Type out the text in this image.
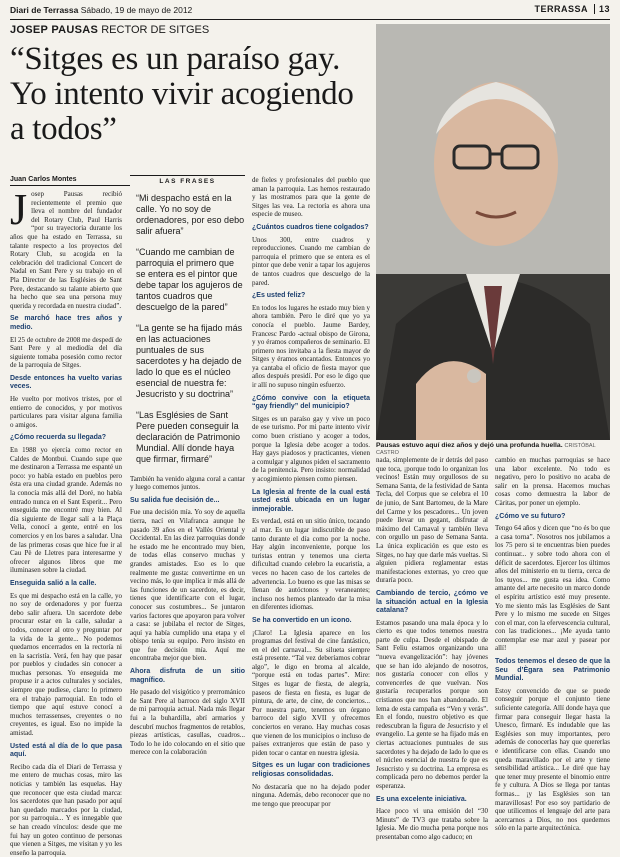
Diari de Terrassa Sábado, 19 de mayo de 2012	TERRASSA 13
JOSEP PAUSAS RECTOR DE SITGES
“Sitges es un paraíso gay. Yo intento vivir acogiendo a todos”
Pausas estuvo aquí diez años y dejó una profunda huella. CRISTÓBAL CASTRO
Juan Carlos Montes

Josep Pausas recibió recientemente el premio que lleva el nombre del fundador del Rotary Club, Paul Harris “por su trayectoria durante los años que ha estado en Terrassa, su talante respecto a los proyectos del Rotary Club, su acogida en la celebración del tradicional Concert de Nadal en Sant Pere y su trabajo en el Pla Director de las Esglésies de Sant Pere, destacando su talante abierto que ha hecho que sea una persona muy querida y recordada en nuestra ciudad”.

Se marchó hace tres años y medio.

El 25 de octubre de 2008 me despedí de Sant Pere y al mediodía del día siguiente tomaba posesión como rector de la parroquia de Sitges.

Desde entonces ha vuelto varias veces.

He vuelto por motivos tristes, por el entierro de conocidos, y por motivos particulares para visitar alguna familia o amigos.

¿Cómo recuerda su llegada?

En 1988 yo ejercía como rector en Caldes de Montbui. Cuando supe que me destinaron a Terrassa me espanté un poco: yo había estado en pueblos pero ésta era una ciudad grande. Además no la conocía más allá del Doré, no había entrado nunca en el Sant Esperit... Pero enseguida me encontré muy bien. Al día siguiente de llegar salí a la Plaça Vella, conocí a gente, entré en los comercios y en los bares a saludar. Una de las primeras cosas que hice fue ir al Cau Pè de Lletres para interesarme y ofrecer algunos libros que me iluminasen sobre la ciudad.

Enseguida salió a la calle.

Es que mi despacho está en la calle, yo no soy de ordenadores y por fuerza debo salir afuera. Un sacerdote debe procurar estar en la calle, saludar a todos, conocer al otro y preguntar por la vida de la gente... No podemos quedarnos encerrados en la rectoría ni en la sacristía. Verá, fen hay que pasar por pueblos y ciudades sin conocer a muchas personas. Yo enseguida me propuse ir a actos culturales y sociales, siempre que pudiese, claro: lo primero era el trabajo parroquial. En todo el tiempo que aquí estuve conocí a muchos terrassenses, creyentes o no creyentes, es igual. Eso no impide la amistad.

Usted está al día de lo que pasa aquí.

Recibo cada día el Diari de Terrassa y me entero de muchas cosas, miro las noticias y también las esquelas. Hay que reconocer que esta ciudad marca: los sacerdotes que han pasado por aquí han quedado marcados por la ciudad, por su parroquia... Y es innegable que se han creado vínculos: desde que me fui hay un goteo continuo de personas que vienen a Sitges, me visitan y yo les enseño la parroquia.

LAS FRASES

“ Mi despacho está en la calle. Yo no soy de ordenadores, por eso debo salir afuera ”

“ Cuando me cambian de parroquia el primero que se entera es el pintor que debe tapar los agujeros de tantos cuadros que descuelgo de la pared ”

“ La gente se ha fijado más en las actuaciones puntuales de sus sacerdotes y ha dejado de lado lo que es el núcleo esencial de nuestra fe: Jesucristo y su doctrina ”

“ Las Esglésies de Sant Pere pueden conseguir la declaración de Patrimonio Mundial. Allí donde haya que firmar, firmaré ”

También ha venido alguna coral a cantar y luego comemos juntos.

Su salida fue decisión de...

Fue una decisión mía. Yo soy de aquella tierra, nací en Vilafranca aunque he pasado 39 años en el Vallès Oriental y Occidental. En las diez parroquias donde he estado me he encontrado muy bien, de todas ellas conservo muchas y grandes amistades. Eso es lo que realmente me gusta: convertirme en un vecino más, lo que implica ir más allá de las funciones de un sacerdote, es decir, tienes que identificarte con el lugar, conocer sus costumbres... Se juntaron varios factores que apoyaron para volver a casa: se jubilaba el rector de Sitges, aquí ya había cumplido una etapa y el obispo tenía su equipo. Pero insisto en que fue decisión mía. Aquí me encontraba mejor que bien.

Ahora disfruta de un sitio magnífico.

He pasado del visigótico y prerrománico de Sant Pere al barroco del siglo XVII de mi parroquia actual. Nada más llegar fui a la buhardilla, abrí armarios y descubrí muchos fragmentos de retablos, piezas artísticas, casullas, cuadros... Todo lo he ido colocando en el sitio que merece con la colaboración

de fieles y profesionales del pueblo que aman la parroquia. Las hemos restaurado y las mostramos para que la gente de Sitges las vea. La rectoría es ahora una especie de museo.

¿Cuántos cuadros tiene colgados?

Unos 300, entre cuadros y reproducciones. Cuando me cambian de parroquia el primero que se entera es el pintor que debe venir a tapar los agujeros de tantos cuadros que descuelgo de la pared.

¿Es usted feliz?

En todos los lugares he estado muy bien y ahora también. Pero le diré que yo ya conocía el pueblo. Jaume Bardey, Francesc Pardo -actual obispo de Girona, y yo éramos compañeros de seminario. El primero nos invitaba a la fiesta mayor de Sitges y éramos encantados. Entonces yo ya cantaba el oficio de fiesta mayor que años después presidí. Por eso le digo que ir allí no supuso ningún esfuerzo.

¿Cómo convive con la etiqueta “gay friendly” del municipio?

Sitges es un paraíso gay y vive un poco de ese turismo. Por mi parte intento vivir como buen cristiano y acoger a todos, porque la Iglesia debe acoger a todos. Hay gays piadosos y practicantes, vienen a comulgar y algunos piden el sacramento de la penitencia. Pero insisto: normalidad y acogimiento piensen como piensen.

La Iglesia al frente de la cual está usted está ubicada en un lugar inmejorable.

Es verdad, está en un sitio único, tocando al mar. Es un lugar indiscutible de paso tanto durante el día como por la noche. Hay algún inconveniente, porque los turistas entran y tenemos una cierta dificultad cuando celebro la eucaristía, a veces no hacen caso de los carteles de advertencia. Lo bueno es que las misas se llenan de autóctonos y veraneantes; incluso nos hemos planteado dar la misa en diferentes idiomas.

Se ha convertido en un icono.

¡Claro! La Iglesia aparece en los programas del festival de cine fantástico, en el del carnaval... Su silueta siempre está presente. “Tal vez deberíamos cobrar algo”, le digo en broma al alcalde, “porque está en todas partes”. Mire: Sitges es lugar de fiesta, de alegría, paseos de fiesta en fiesta, es lugar de pintura, de arte, de cine, de conciertos... Por nuestra parte, tenemos un órgano barroco del siglo XVII y ofrecemos conciertos en verano. Hay muchas cosas que vienen de los municipios o incluso de países extranjeros que están de paso y piden tocar o cantar en nuestra iglesia.

Sitges es un lugar con tradiciones religiosas consolidadas.

No destacaría que no ha dejado poder ninguna. Además, debo reconocer que no me tengo que preocupar por

nada, simplemente de ir detrás del paso que toca, ¡porque todo lo organizan los vecinos! Están muy orgullosos de su Semana Santa, de la festividad de Santa Tecla, del Corpus que se celebra el 10 de junio, de Sant Bartomeu, de la Mare del Carme y los pescadores... Un joven puede llevar un gegant, disfrutar al máximo del Carnaval y también lleva con orgullo un paso de Semana Santa. La única explicación es que esto es Sitges, no hay que darle más vueltas. Si alguien pidiera reglamentar estas manifestaciones externas, yo creo que duraría poco.

Cambiando de tercio, ¿cómo ve la situación actual en la Iglesia catalana?

Estamos pasando una mala época y lo cierto es que todos tenemos nuestra parte de culpa. Desde el obispado de Sant Feliu estamos organizando una “nueva evangelización”: hay jóvenes que se han ido alejando de nosotros, nos gustaría conocer con ellos y convencerles de que vuelvan. Nos gustaría recuperarlos porque son cristianos que nos han abandonado. El lema de esta campaña es “Ven y verás”. En el fondo, nuestro objetivo es que redescubran la figura de Jesucristo y el evangelio. La gente se ha fijado más en ciertas actuaciones puntuales de sus sacerdotes y ha dejado de lado lo que es el núcleo esencial de nuestra fe que es Jesucristo y su doctrina. La empresa es complicada pero no debemos perder la esperanza.

Es una excelente iniciativa.

Hace poco vi una emisión del “30 Minuts” de TV3 que trataba sobre la Iglesia. Me dio mucha pena porque nos presentaban como algo caduco; en

cambio en muchas parroquias se hace una labor excelente. No todo es negativo, pero lo positivo no acaba de salir en la prensa. Hacemos muchas cosas como demuestra la labor de Càritas, por poner un ejemplo.

¿Cómo ve su futuro?

Tengo 64 años y dicen que “no és bo que a casa torna”. Nosotros nos jubilamos a los 75 pero si te encuentras bien puedes continuar... y sobre todo ahora con el déficit de sacerdotes. Ejercer los últimos años del ministerio en tu tierra, cerca de los tuyos... me gusta esa idea. Como amante del arte necesito un marco donde el espíritu artístico esté muy presente. Yo me siento más las Esglésies de Sant Pere y lo mismo me sucede en Sitges con el mar, con la efervescencia cultural, con las tradiciones... ¡Me ayuda tanto contemplar ese mar azul y pasear por allí!

Todos tenemos el deseo de que la Seu d’Ègara sea Patrimonio Mundial.

Estoy convencido de que se puede conseguir porque el conjunto tiene suficiente categoría. Allí donde haya que firmar para conseguir llegar hasta la Unesco, firmaré. Es indudable que las Esglésies son muy importantes, pero además de conocerlas hay que quererlas e identificarse con ellas. Cuando uno queda maravillado por el arte y tiene sensibilidad artística... Le diré que hay que tener muy presente el binomio entre fe y cultura. A Dios se llega por tantas formas... ¡y las Esglésies son tan maravillosas! Por eso soy partidario de que utilicemos el lenguaje del arte para acercarnos a Dios, no nos quedemos sólo en la parte arquitectónica.
